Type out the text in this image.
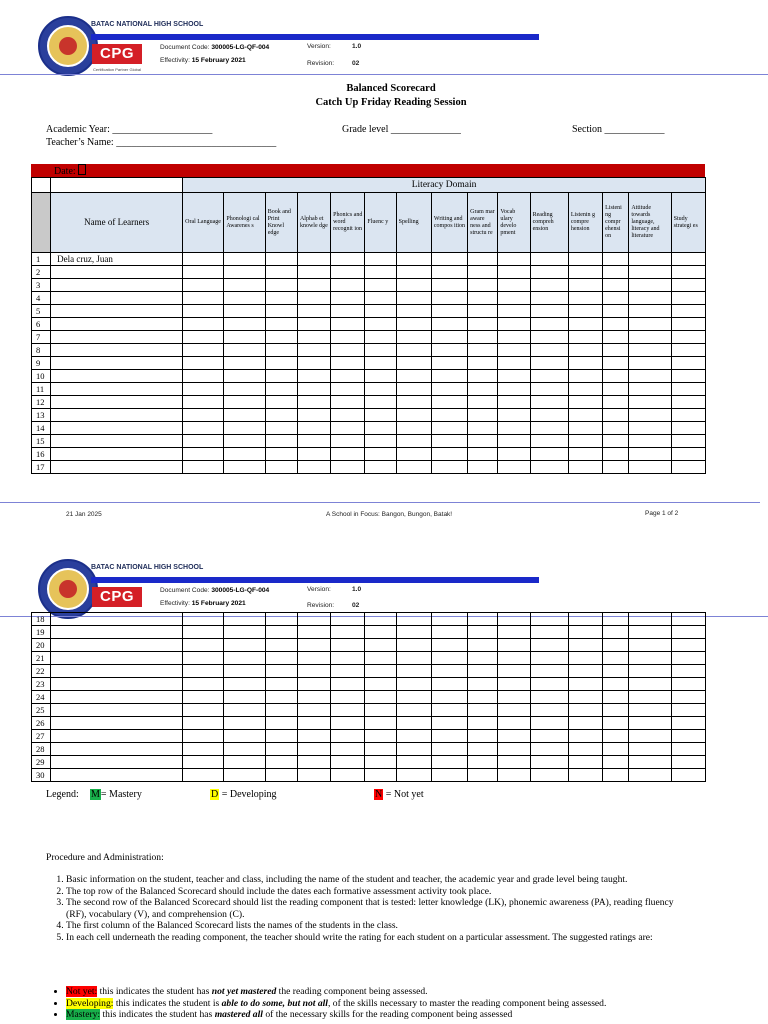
BATAC NATIONAL HIGH SCHOOL
CPG
Certification Partner Global
Document Code: 300005-LG-QF-004
Effectivity: 15 February 2021
Version:	1.0
Revision:	02
Balanced Scorecard
Catch Up Friday Reading Session
Academic Year: ____________________	Grade level ______________	Section ____________
Teacher’s Name: ________________________________
Date:
		Literacy Domain														
	Name of Learners	Oral Language	Phonologi cal Awarenes s	Book and Print Knowl edge	Alphab et knowle dge	Phonics and word recognit ion	Fluenc y	Spelling	Writing and compos ition	Gram mar aware ness and structu re	Vocab ulary develo pment	Reading compreh ension	Listenin g compre hension	Listeni ng compr ehensi on	Attitude towards language, literacy and literature	Study strategi es
1	Dela cruz, Juan															
2																
3																
4																
5																
6																
7																
8																
9																
10																
11																
12																
13																
14																
15																
16																
17																
21 Jan 2025	A School in Focus: Bangon, Bungon, Batak!	Page 1 of 2
BATAC NATIONAL HIGH SCHOOL
CPG	Document Code: 300005-LG-QF-004
Effectivity: 15 February 2021
Version:	1.0
Revision:	02
18																
19																
20																
21																
22																
23																
24																
25																
26																
27																
28																
29																
30																
Legend: M= Mastery	D = Developing	N = Not yet
Procedure and Administration:
1. Basic information on the student, teacher and class, including the name of the student and teacher, the academic year and grade level being taught.
2. The top row of the Balanced Scorecard should include the dates each formative assessment activity took place.
3. The second row of the Balanced Scorecard should list the reading component that is tested: letter knowledge (LK), phonemic awareness (PA), reading fluency (RF), vocabulary (V), and comprehension (C).
4. The first column of the Balanced Scorecard lists the names of the students in the class.
5. In each cell underneath the reading component, the teacher should write the rating for each student on a particular assessment. The suggested ratings are:
• Not yet: this indicates the student has not yet mastered the reading component being assessed.
• Developing: this indicates the student is able to do some, but not all, of the skills necessary to master the reading component being assessed.
• Mastery: this indicates the student has mastered all of the necessary skills for the reading component being assessed
